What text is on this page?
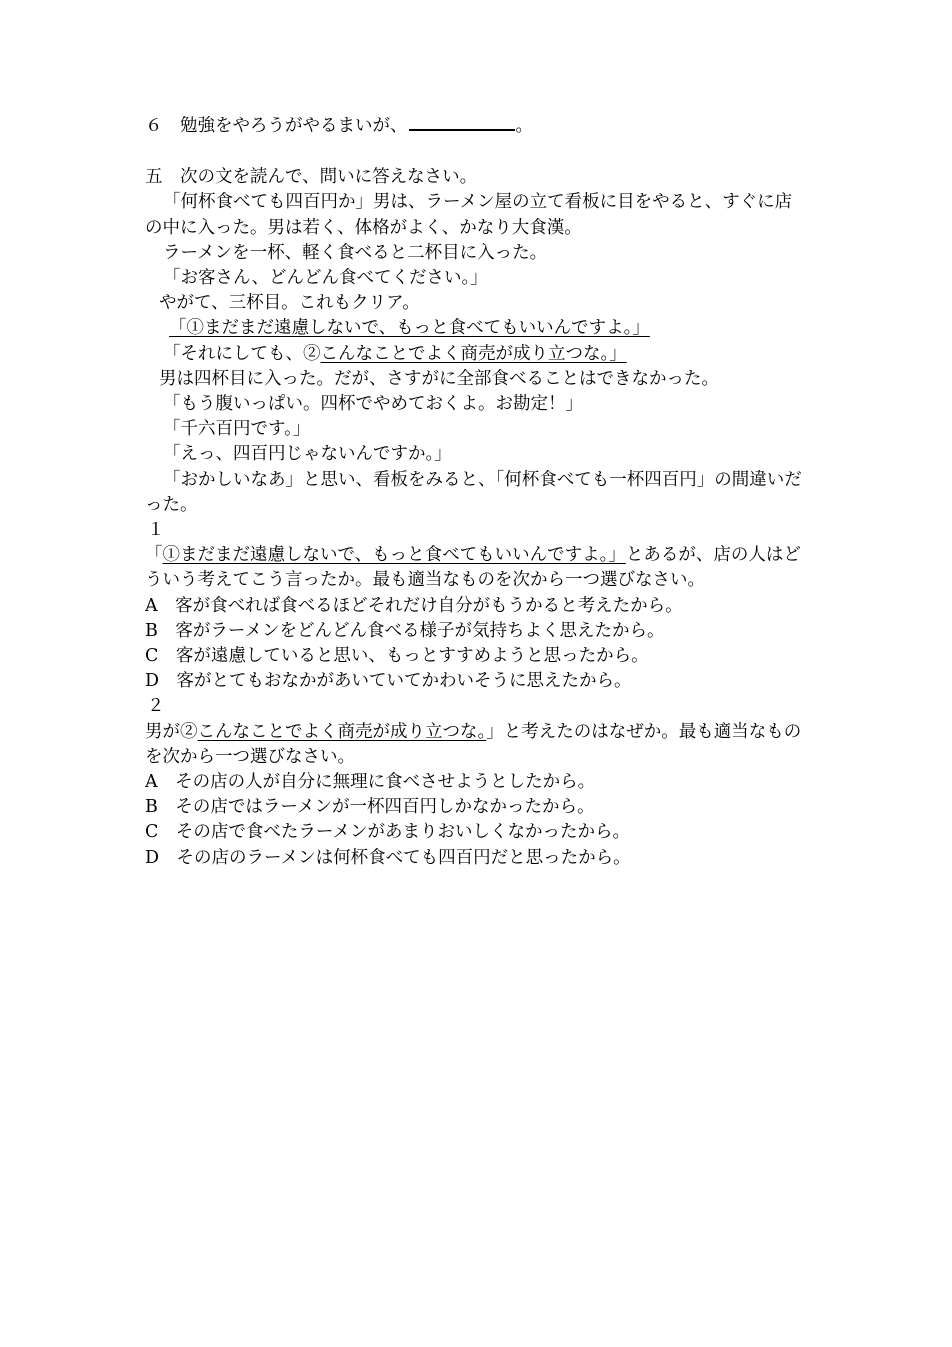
６　 勉強をやろうがやるまいが、	。
五　次の文を読んで、問いに答えなさい。
「何杯食べても四百円か」男は、ラーメン屋の立て看板に目をやると、すぐに店の中に入った。男は若く、体格がよく、かなり大食漢。
ラーメンを一杯、軽く食べると二杯目に入った。
「お客さん、どんどん食べてください。」
やがて、三杯目。これもクリア。
「①まだまだ遠慮しないで、もっと食べてもいいんですよ。」
「それにしても、②こんなことでよく商売が成り立つな。」
男は四杯目に入った。だが、さすがに全部食べることはできなかった。
「もう腹いっぱい。四杯でやめておくよ。お勘定！」
「千六百円です。」
「えっ、四百円じゃないんですか。」
「おかしいなあ」と思い、看板をみると、「何杯食べても一杯四百円」の間違いだった。
１
「①まだまだ遠慮しないで、もっと食べてもいいんですよ。」とあるが、店の人はどういう考えてこう言ったか。最も適当なものを次から一つ選びなさい。
A　客が食べれば食べるほどそれだけ自分がもうかると考えたから。
B　客がラーメンをどんどん食べる様子が気持ちよく思えたから。
C　客が遠慮していると思い、もっとすすめようと思ったから。
D　客がとてもおなかがあいていてかわいそうに思えたから。
２
男が②こんなことでよく商売が成り立つな。」と考えたのはなぜか。最も適当なものを次から一つ選びなさい。
A　その店の人が自分に無理に食べさせようとしたから。
B　その店ではラーメンが一杯四百円しかなかったから。
C　その店で食べたラーメンがあまりおいしくなかったから。
D　その店のラーメンは何杯食べても四百円だと思ったから。
